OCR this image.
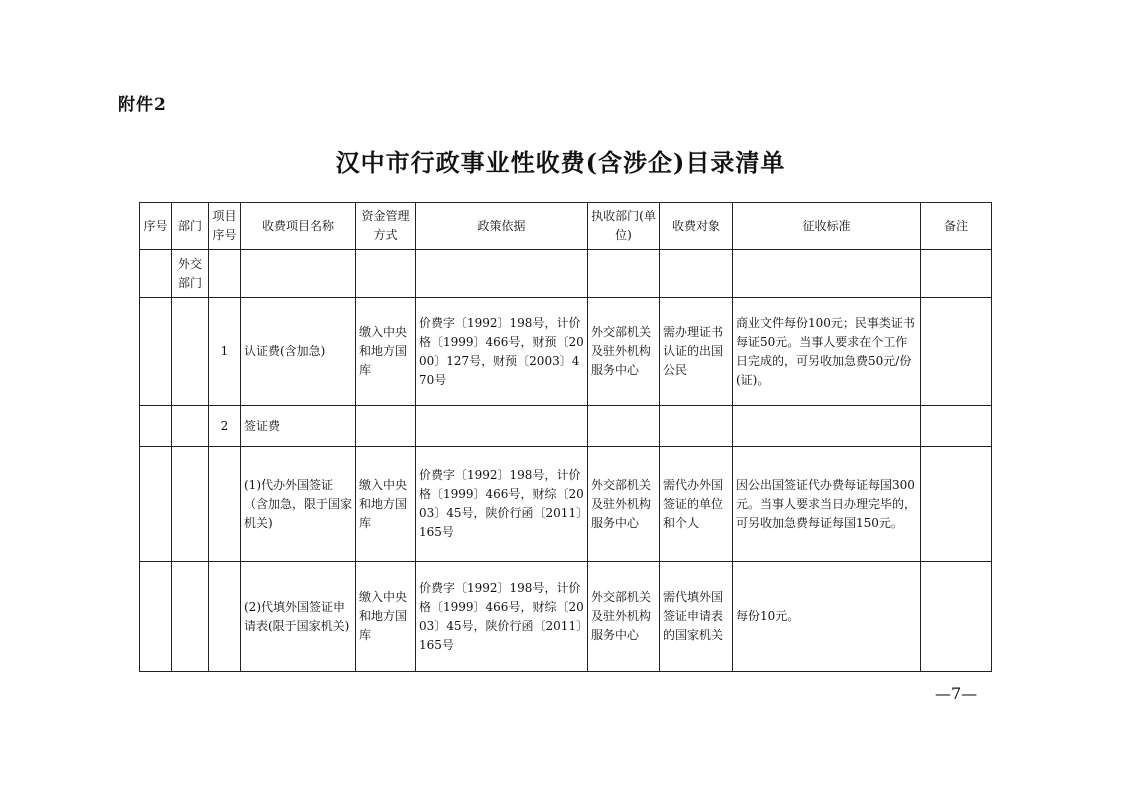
附件2
汉中市行政事业性收费(含涉企)目录清单
序号	部门	项目序号	收费项目名称	资金管理方式	政策依据	执收部门(单位)	收费对象	征收标准	备注
	外交部门								
		1	认证费(含加急)	缴入中央和地方国库	价费字〔1992〕198号，计价格〔1999〕466号，财预〔2000〕127号，财预〔2003〕470号	外交部机关及驻外机构服务中心	需办理证书认证的出国公民	商业文件每份100元；民事类证书每证50元。当事人要求在个工作日完成的，可另收加急费50元/份(证)。	
		2	签证费						
			(1)代办外国签证（含加急，限于国家机关)	缴入中央和地方国库	价费字〔1992〕198号，计价格〔1999〕466号，财综〔2003〕45号，陕价行函〔2011〕165号	外交部机关及驻外机构服务中心	需代办外国签证的单位和个人	因公出国签证代办费每证每国300元。当事人要求当日办理完毕的，可另收加急费每证每国150元。	
			(2)代填外国签证申请表(限于国家机关)	缴入中央和地方国库	价费字〔1992〕198号，计价格〔1999〕466号，财综〔2003〕45号，陕价行函〔2011〕165号	外交部机关及驻外机构服务中心	需代填外国签证申请表的国家机关	每份10元。	
—7—
